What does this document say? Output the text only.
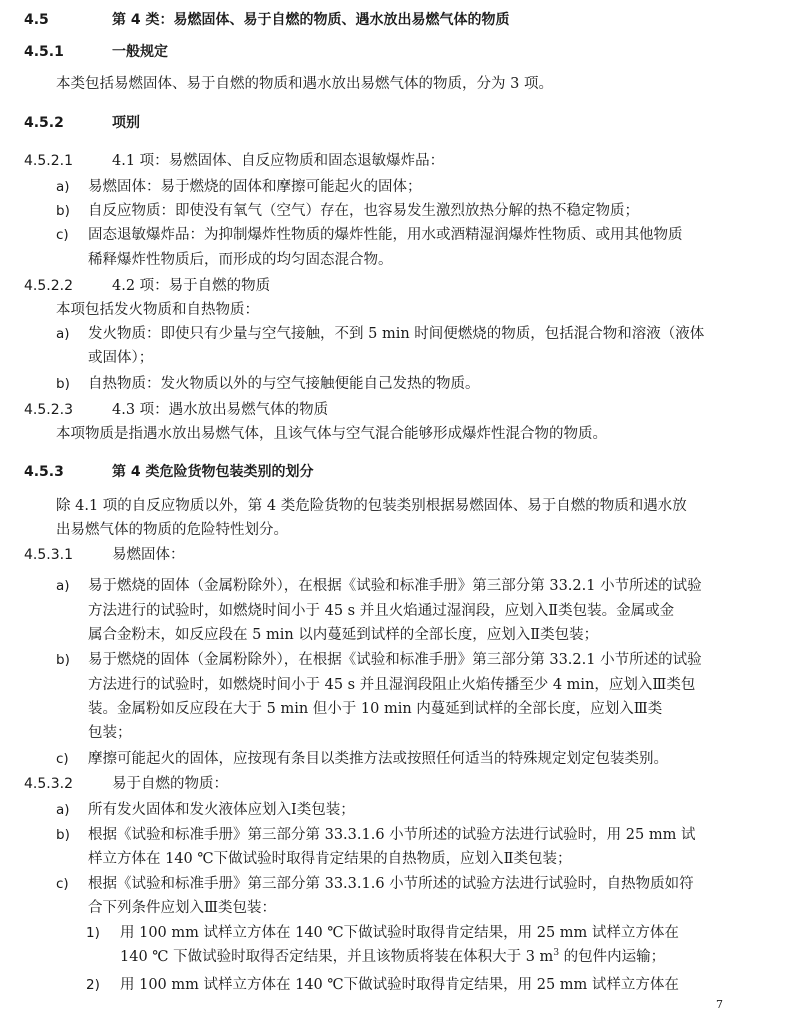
7
4.5	第 4 类：易燃固体、易于自燃的物质、遇水放出易燃气体的物质
4.5.1	一般规定
本类包括易燃固体、易于自燃的物质和遇水放出易燃气体的物质，分为 3 项。
4.5.2	项别
4.5.2.1	4.1 项：易燃固体、自反应物质和固态退敏爆炸品：
a) 易燃固体：易于燃烧的固体和摩擦可能起火的固体；
b) 自反应物质：即使没有氧气（空气）存在，也容易发生激烈放热分解的热不稳定物质；
c) 固态退敏爆炸品：为抑制爆炸性物质的爆炸性能，用水或酒精湿润爆炸性物质、或用其他物质
稀释爆炸性物质后，而形成的均匀固态混合物。
4.5.2.2	4.2 项：易于自燃的物质
本项包括发火物质和自热物质：
a) 发火物质：即使只有少量与空气接触，不到 5 min 时间便燃烧的物质，包括混合物和溶液（液体
或固体）；
b) 自热物质：发火物质以外的与空气接触便能自己发热的物质。
4.5.2.3	4.3 项：遇水放出易燃气体的物质
本项物质是指遇水放出易燃气体，且该气体与空气混合能够形成爆炸性混合物的物质。
4.5.3	第 4 类危险货物包装类别的划分
除 4.1 项的自反应物质以外，第 4 类危险货物的包装类别根据易燃固体、易于自燃的物质和遇水放
出易燃气体的物质的危险特性划分。
4.5.3.1	易燃固体：
a) 易于燃烧的固体（金属粉除外），在根据《试验和标准手册》第三部分第 33.2.1 小节所述的试验
方法进行的试验时，如燃烧时间小于 45 s 并且火焰通过湿润段，应划入Ⅱ类包装。金属或金
属合金粉末，如反应段在 5 min 以内蔓延到试样的全部长度，应划入Ⅱ类包装；
b) 易于燃烧的固体（金属粉除外），在根据《试验和标准手册》第三部分第 33.2.1 小节所述的试验
方法进行的试验时，如燃烧时间小于 45 s 并且湿润段阻止火焰传播至少 4 min，应划入Ⅲ类包
装。金属粉如反应段在大于 5 min 但小于 10 min 内蔓延到试样的全部长度，应划入Ⅲ类
包装；
c) 摩擦可能起火的固体，应按现有条目以类推方法或按照任何适当的特殊规定划定包装类别。
4.5.3.2	易于自燃的物质：
a) 所有发火固体和发火液体应划入Ⅰ类包装；
b) 根据《试验和标准手册》第三部分第 33.3.1.6 小节所述的试验方法进行试验时，用 25 mm 试
样立方体在 140 ℃下做试验时取得肯定结果的自热物质，应划入Ⅱ类包装；
c) 根据《试验和标准手册》第三部分第 33.3.1.6 小节所述的试验方法进行试验时，自热物质如符
合下列条件应划入Ⅲ类包装：
1) 用 100 mm 试样立方体在 140 ℃下做试验时取得肯定结果，用 25 mm 试样立方体在
140 ℃ 下做试验时取得否定结果，并且该物质将装在体积大于 3 $m^3$ 的包件内运输；
2) 用 100 mm 试样立方体在 140 ℃下做试验时取得肯定结果，用 25 mm 试样立方体在
